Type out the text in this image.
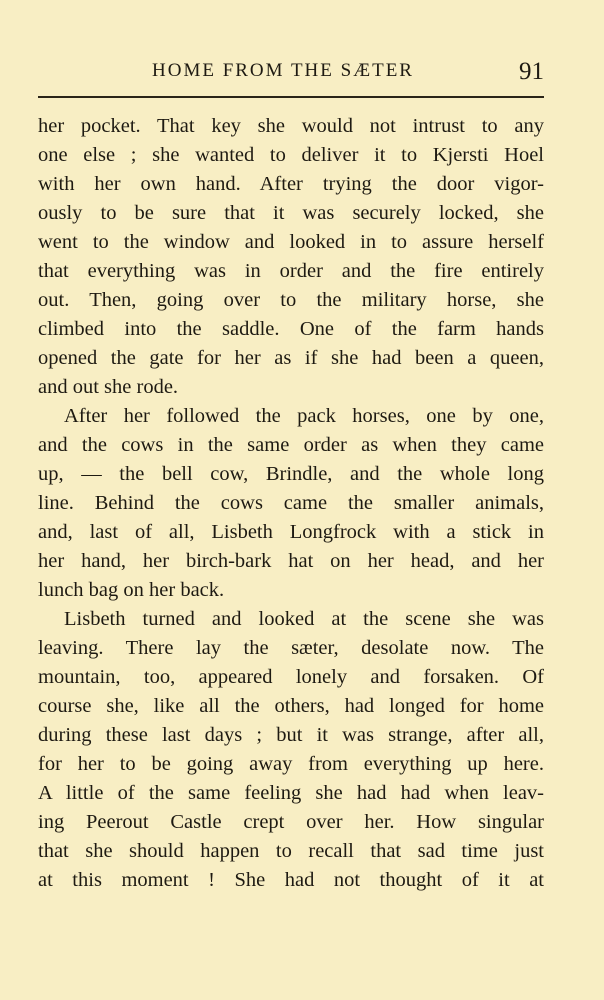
HOME FROM THE SÆTER	91

her pocket. That key she would not intrust to any
one else ; she wanted to deliver it to Kjersti Hoel
with her own hand. After trying the door vigor-
ously to be sure that it was securely locked, she
went to the window and looked in to assure herself
that everything was in order and the fire entirely
out. Then, going over to the military horse, she
climbed into the saddle. One of the farm hands
opened the gate for her as if she had been a queen,
and out she rode.

After her followed the pack horses, one by one,
and the cows in the same order as when they came
up, — the bell cow, Brindle, and the whole long
line. Behind the cows came the smaller animals,
and, last of all, Lisbeth Longfrock with a stick in
her hand, her birch-bark hat on her head, and her
lunch bag on her back.

Lisbeth turned and looked at the scene she was
leaving. There lay the sæter, desolate now. The
mountain, too, appeared lonely and forsaken. Of
course she, like all the others, had longed for home
during these last days ; but it was strange, after all,
for her to be going away from everything up here.
A little of the same feeling she had had when leav-
ing Peerout Castle crept over her. How singular
that she should happen to recall that sad time just
at this moment ! She had not thought of it at
